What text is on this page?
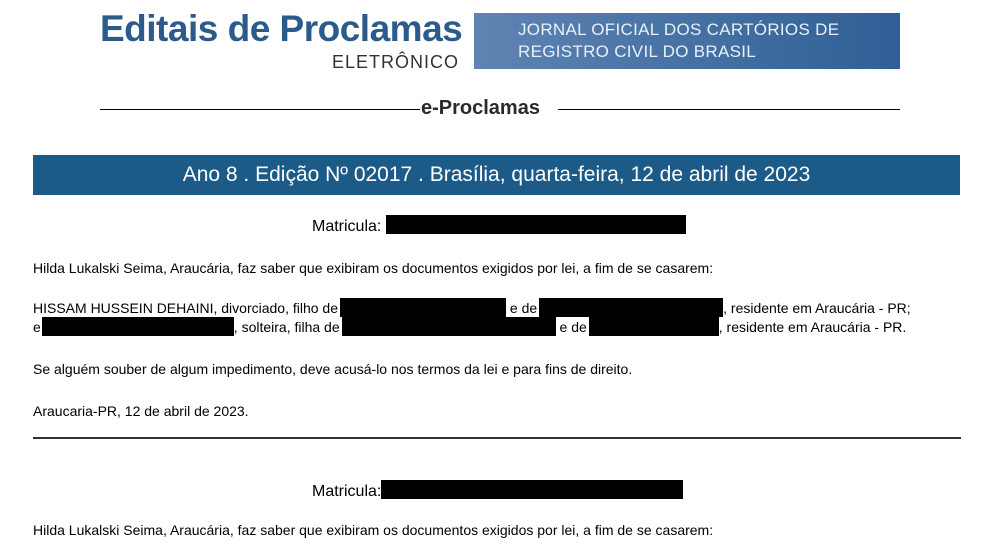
Editais de Proclamas
ELETRÔNICO
JORNAL OFICIAL DOS CARTÓRIOS DE
REGISTRO CIVIL DO BRASIL
e-Proclamas
Ano 8 . Edição Nº 02017 . Brasília, quarta-feira, 12 de abril de 2023
Matricula:
Hilda Lukalski Seima, Araucária, faz saber que exibiram os documentos exigidos por lei, a fim de se casarem:
HISSAM HUSSEIN DEHAINI, divorciado, filho de	e de	, residente em Araucária - PR;
e	, solteira, filha de	e de	, residente em Araucária - PR.
Se alguém souber de algum impedimento, deve acusá-lo nos termos da lei e para fins de direito.
Araucaria-PR, 12 de abril de 2023.
Matricula:
Hilda Lukalski Seima, Araucária, faz saber que exibiram os documentos exigidos por lei, a fim de se casarem:
